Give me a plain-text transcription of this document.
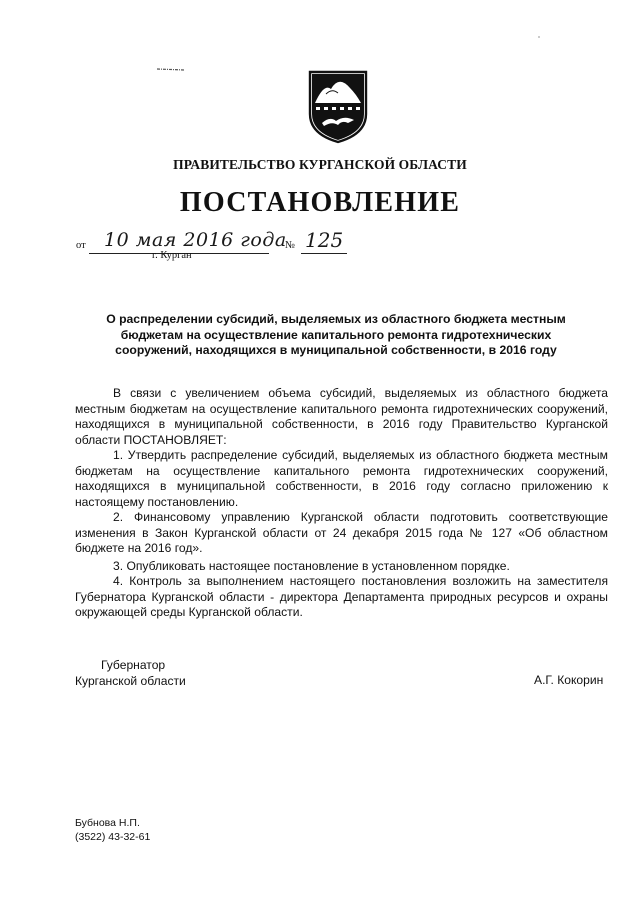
ПРАВИТЕЛЬСТВО КУРГАНСКОЙ ОБЛАСТИ
ПОСТАНОВЛЕНИЕ
от 10 мая 2016 года
№ 125
г. Курган
О распределении субсидий, выделяемых из областного бюджета местным бюджетам на осуществление капитального ремонта гидротехнических сооружений, находящихся в муниципальной собственности, в 2016 году

В связи с увеличением объема субсидий, выделяемых из областного бюджета местным бюджетам на осуществление капитального ремонта гидротехнических сооружений, находящихся в муниципальной собственности, в 2016 году Правительство Курганской области ПОСТАНОВЛЯЕТ:

1. Утвердить распределение субсидий, выделяемых из областного бюджета местным бюджетам на осуществление капитального ремонта гидротехнических сооружений, находящихся в муниципальной собственности, в 2016 году согласно приложению к настоящему постановлению.

2. Финансовому управлению Курганской области подготовить соответствующие изменения в Закон Курганской области от 24 декабря 2015 года № 127 «Об областном бюджете на 2016 год».

3. Опубликовать настоящее постановление в установленном порядке.

4. Контроль за выполнением настоящего постановления возложить на заместителя Губернатора Курганской области - директора Департамента природных ресурсов и охраны окружающей среды Курганской области.

Губернатор
Курганской области	А.Г. Кокорин
Бубнова Н.П.
(3522) 43-32-61
